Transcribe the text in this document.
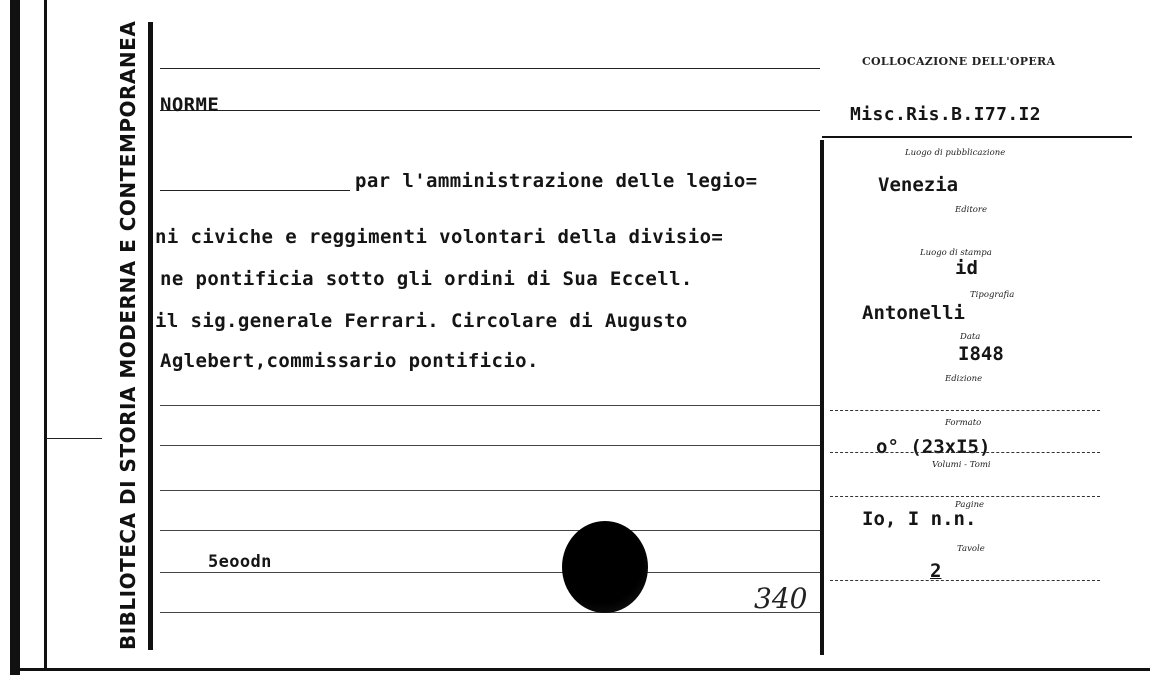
BIBLIOTECA DI STORIA MODERNA E CONTEMPORANEA NORME
par l'amministrazione delle legio=
ni civiche e reggimenti volontari della divisio=
ne pontificia sotto gli ordini di Sua Eccell.
il sig.generale Ferrari. Circolare di Augusto
Aglebert,commissario pontificio.
5eoodn
340
COLLOCAZIONE DELL'OPERA
Misc.Ris.B.I77.I2
Luogo di pubblicazione
Venezia
Editore
Luogo di stampa
id
Tipografia
Antonelli
Data
I848
Edizione
Formato
o° (23xI5)
Volumi - Tomi
Pagine
Io, I n.n.
Tavole
2
